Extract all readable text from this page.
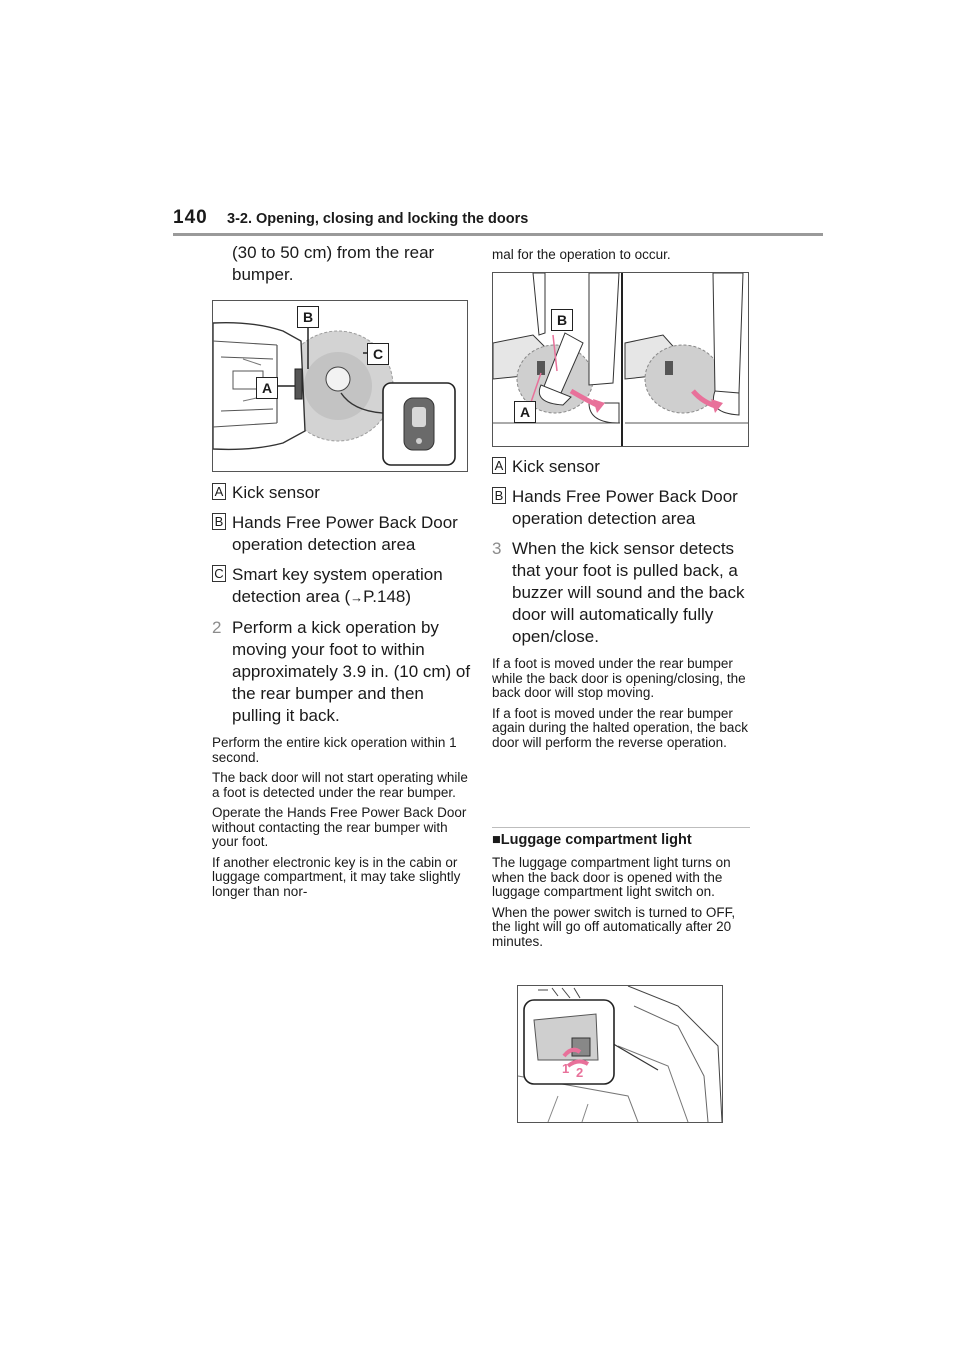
140 3-2. Opening, closing and locking the doors

(30 to 50 cm) from the rear bumper.

B
C
A
A Kick sensor
B Hands Free Power Back Door operation detection area
C Smart key system operation detection area (→P.148)
2 Perform a kick operation by moving your foot to within approximately 3.9 in. (10 cm) of the rear bumper and then pulling it back.

Perform the entire kick operation within 1 second.

The back door will not start operating while a foot is detected under the rear bumper.

Operate the Hands Free Power Back Door without contacting the rear bumper with your foot.

If another electronic key is in the cabin or luggage compartment, it may take slightly longer than nor-

mal for the operation to occur.

B
A
A Kick sensor
B Hands Free Power Back Door operation detection area
3 When the kick sensor detects that your foot is pulled back, a buzzer will sound and the back door will automatically fully open/close.

If a foot is moved under the rear bumper while the back door is opening/closing, the back door will stop moving.

If a foot is moved under the rear bumper again during the halted operation, the back door will perform the reverse operation.

■Luggage compartment light

The luggage compartment light turns on when the back door is opened with the luggage compartment light switch on.

When the power switch is turned to OFF, the light will go off automatically after 20 minutes.

1 2
